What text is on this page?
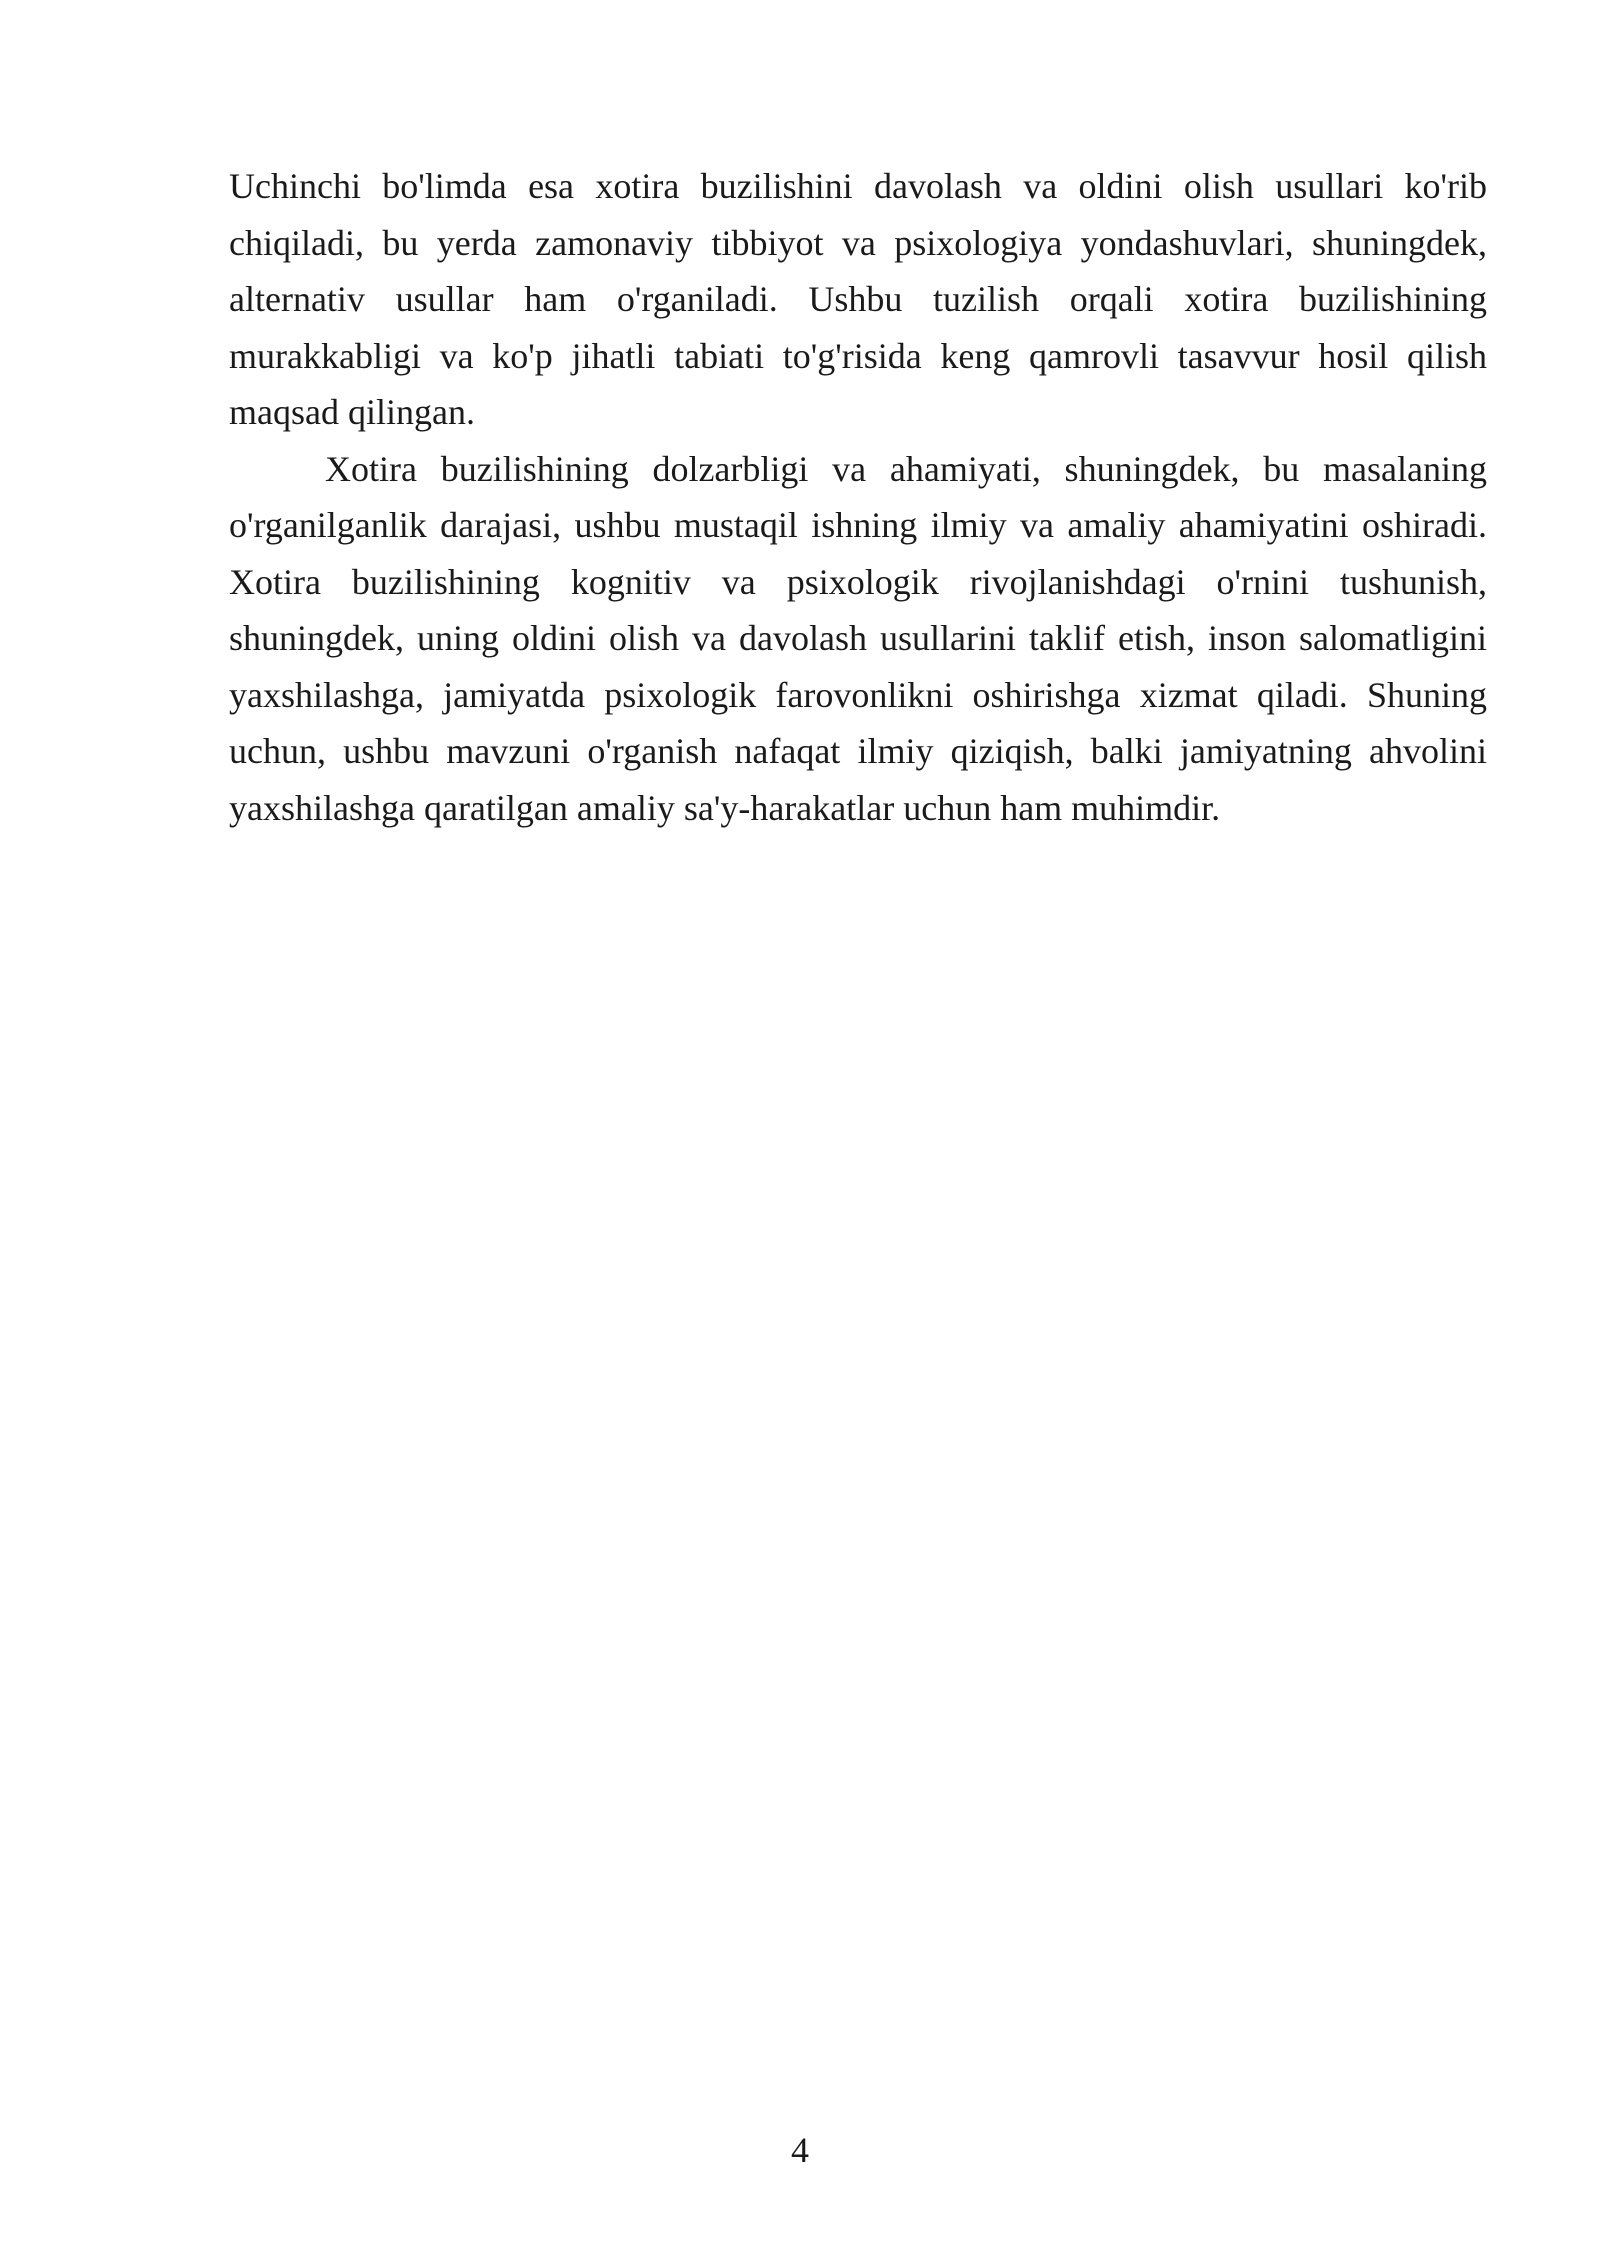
Uchinchi bo'limda esa xotira buzilishini davolash va oldini olish usullari ko'rib chiqiladi, bu yerda zamonaviy tibbiyot va psixologiya yondashuvlari, shuningdek, alternativ usullar ham o'rganiladi. Ushbu tuzilish orqali xotira buzilishining murakkabligi va ko'p jihatli tabiati to'g'risida keng qamrovli tasavvur hosil qilish maqsad qilingan.

Xotira buzilishining dolzarbligi va ahamiyati, shuningdek, bu masalaning o'rganilganlik darajasi, ushbu mustaqil ishning ilmiy va amaliy ahamiyatini oshiradi. Xotira buzilishining kognitiv va psixologik rivojlanishdagi o'rnini tushunish, shuningdek, uning oldini olish va davolash usullarini taklif etish, inson salomatligini yaxshilashga, jamiyatda psixologik farovonlikni oshirishga xizmat qiladi. Shuning uchun, ushbu mavzuni o'rganish nafaqat ilmiy qiziqish, balki jamiyatning ahvolini yaxshilashga qaratilgan amaliy sa'y-harakatlar uchun ham muhimdir.

4
